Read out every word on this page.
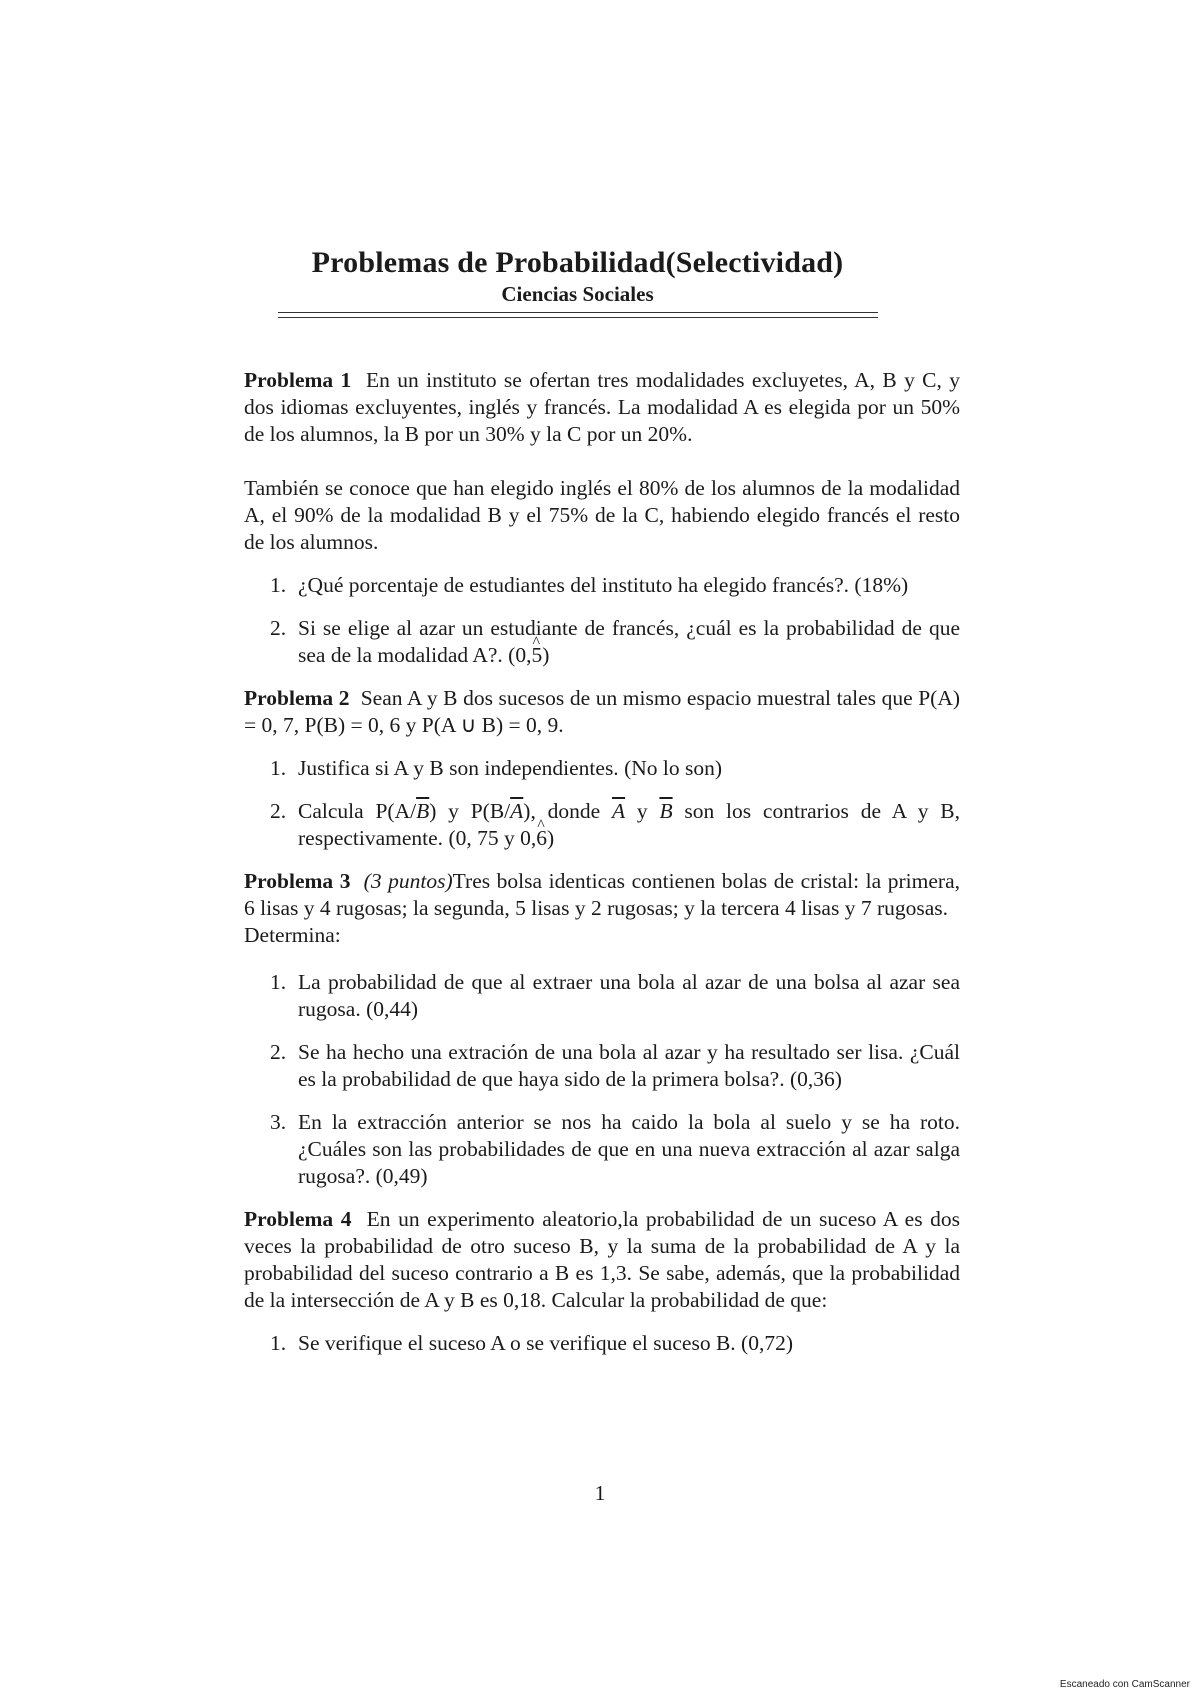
Problemas de Probabilidad(Selectividad)
Ciencias Sociales

Problema 1 En un instituto se ofertan tres modalidades excluyetes, A, B y C, y dos idiomas excluyentes, inglés y francés. La modalidad A es elegida por un 50% de los alumnos, la B por un 30% y la C por un 20%.

También se conoce que han elegido inglés el 80% de los alumnos de la modalidad A, el 90% de la modalidad B y el 75% de la C, habiendo elegido francés el resto de los alumnos.

1. ¿Qué porcentaje de estudiantes del instituto ha elegido francés?. (18%)
2. Si se elige al azar un estudiante de francés, ¿cuál es la probabilidad de que sea de la modalidad A?. (0,^ 5)

Problema 2 Sean A y B dos sucesos de un mismo espacio muestral tales que P(A) = 0, 7, P(B) = 0, 6 y P(A ∪ B) = 0, 9.

1. Justifica si A y B son independientes. (No lo son)
2. Calcula $P(A/\overline{B})$ y $P(B/\overline{A})$, donde $\overline{A}$ y $\overline{B}$ son los contrarios de A y B, respectivamente. (0, 75 y 0,^ 6)

Problema 3 (3 puntos)Tres bolsa identicas contienen bolas de cristal: la primera, 6 lisas y 4 rugosas; la segunda, 5 lisas y 2 rugosas; y la tercera 4 lisas y 7 rugosas.

Determina:

1. La probabilidad de que al extraer una bola al azar de una bolsa al azar sea rugosa. (0,44)
2. Se ha hecho una extración de una bola al azar y ha resultado ser lisa. ¿Cuál es la probabilidad de que haya sido de la primera bolsa?. (0,36)
3. En la extracción anterior se nos ha caido la bola al suelo y se ha roto. ¿Cuáles son las probabilidades de que en una nueva extracción al azar salga rugosa?. (0,49)

Problema 4 En un experimento aleatorio,la probabilidad de un suceso A es dos veces la probabilidad de otro suceso B, y la suma de la probabilidad de A y la probabilidad del suceso contrario a B es 1,3. Se sabe, además, que la probabilidad de la intersección de A y B es 0,18. Calcular la probabilidad de que:

1. Se verifique el suceso A o se verifique el suceso B. (0,72)
1
Escaneado con CamScanner
